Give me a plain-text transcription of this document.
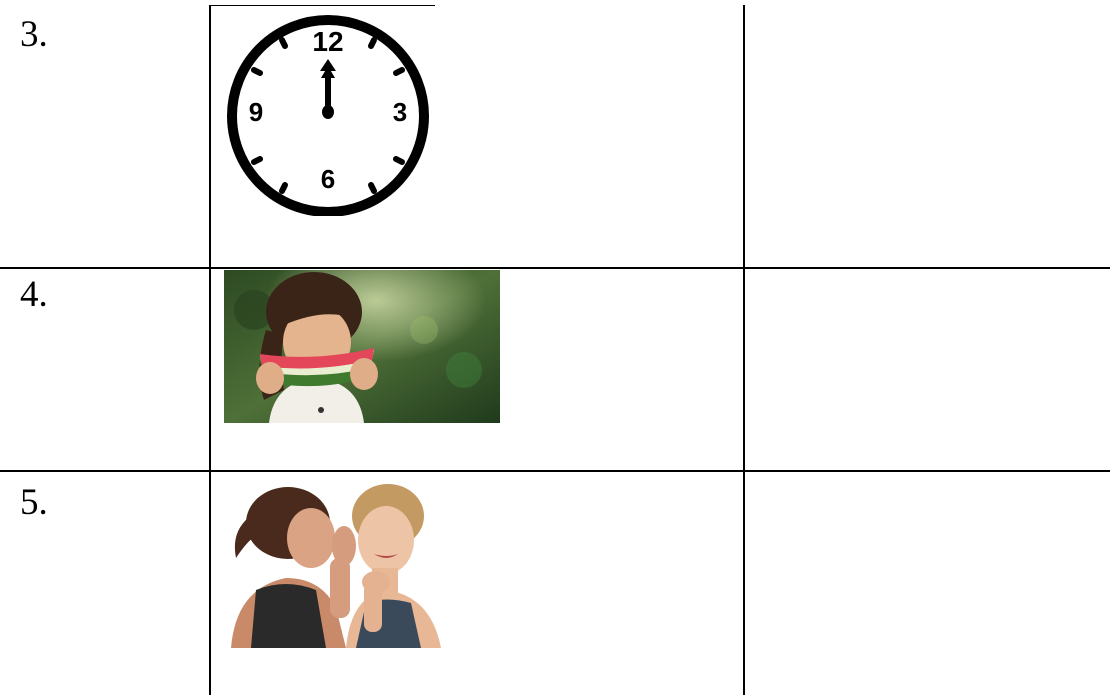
3.	12
3
6
9
4.
5.
